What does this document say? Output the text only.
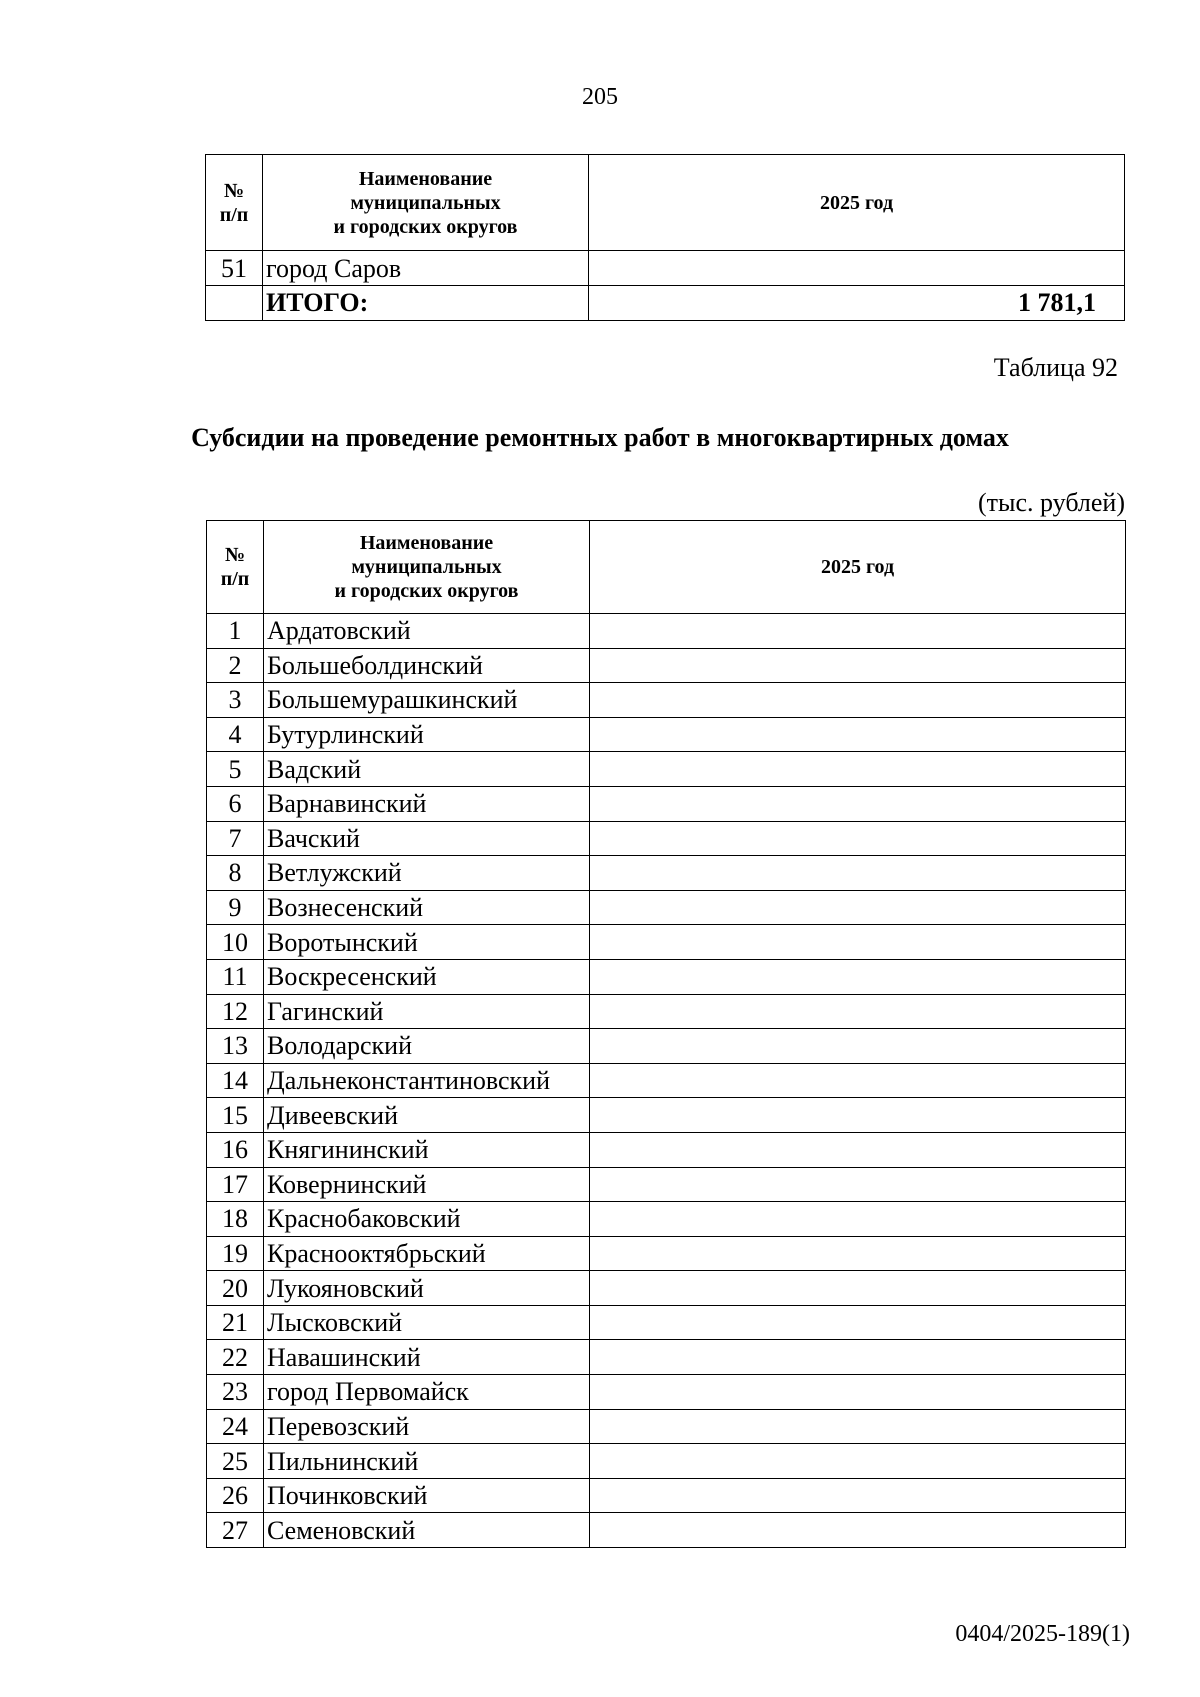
205
№
п/п	Наименование
муниципальных
и городских округов	2025 год
51	город Саров	
	ИТОГО:	1 781,1
Таблица 92
Субсидии на проведение ремонтных работ в многоквартирных домах
(тыс. рублей)
№
п/п	Наименование
муниципальных
и городских округов	2025 год
1	Ардатовский	
2	Большеболдинский	
3	Большемурашкинский	
4	Бутурлинский	
5	Вадский	
6	Варнавинский	
7	Вачский	
8	Ветлужский	
9	Вознесенский	
10	Воротынский	
11	Воскресенский	
12	Гагинский	
13	Володарский	
14	Дальнеконстантиновский	
15	Дивеевский	
16	Княгининский	
17	Ковернинский	
18	Краснобаковский	
19	Краснооктябрьский	
20	Лукояновский	
21	Лысковский	
22	Навашинский	
23	город Первомайск	
24	Перевозский	
25	Пильнинский	
26	Починковский	
27	Семеновский	
0404/2025-189(1)
